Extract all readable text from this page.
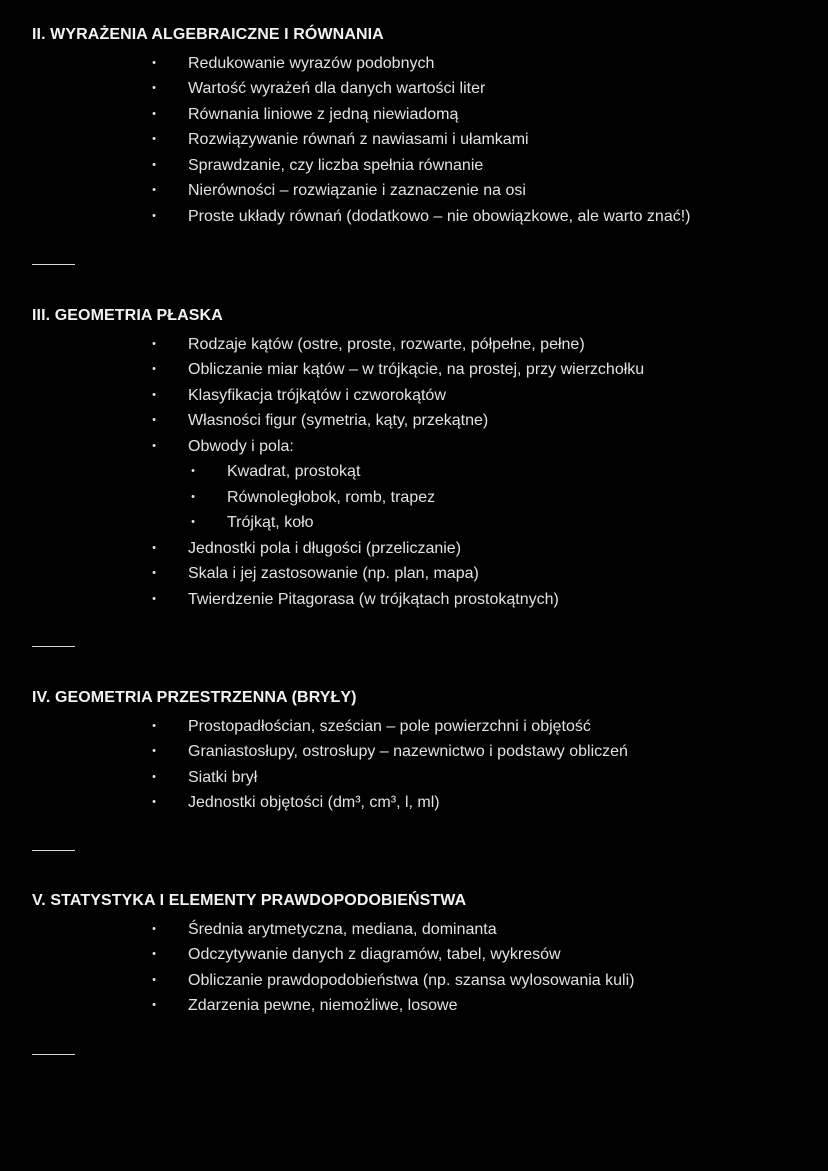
II. WYRAŻENIA ALGEBRAICZNE I RÓWNANIA
• Redukowanie wyrazów podobnych
• Wartość wyrażeń dla danych wartości liter
• Równania liniowe z jedną niewiadomą
• Rozwiązywanie równań z nawiasami i ułamkami
• Sprawdzanie, czy liczba spełnia równanie
• Nierówności – rozwiązanie i zaznaczenie na osi
• Proste układy równań (dodatkowo – nie obowiązkowe, ale warto znać!)
III. GEOMETRIA PŁASKA
• Rodzaje kątów (ostre, proste, rozwarte, półpełne, pełne)
• Obliczanie miar kątów – w trójkącie, na prostej, przy wierzchołku
• Klasyfikacja trójkątów i czworokątów
• Własności figur (symetria, kąty, przekątne)
• Obwody i pola:
• Kwadrat, prostokąt
• Równoległobok, romb, trapez
• Trójkąt, koło
• Jednostki pola i długości (przeliczanie)
• Skala i jej zastosowanie (np. plan, mapa)
• Twierdzenie Pitagorasa (w trójkątach prostokątnych)
IV. GEOMETRIA PRZESTRZENNA (BRYŁY)
• Prostopadłościan, sześcian – pole powierzchni i objętość
• Graniastosłupy, ostrosłupy – nazewnictwo i podstawy obliczeń
• Siatki brył
• Jednostki objętości (dm³, cm³, l, ml)
V. STATYSTYKA I ELEMENTY PRAWDOPODOBIEŃSTWA
• Średnia arytmetyczna, mediana, dominanta
• Odczytywanie danych z diagramów, tabel, wykresów
• Obliczanie prawdopodobieństwa (np. szansa wylosowania kuli)
• Zdarzenia pewne, niemożliwe, losowe
